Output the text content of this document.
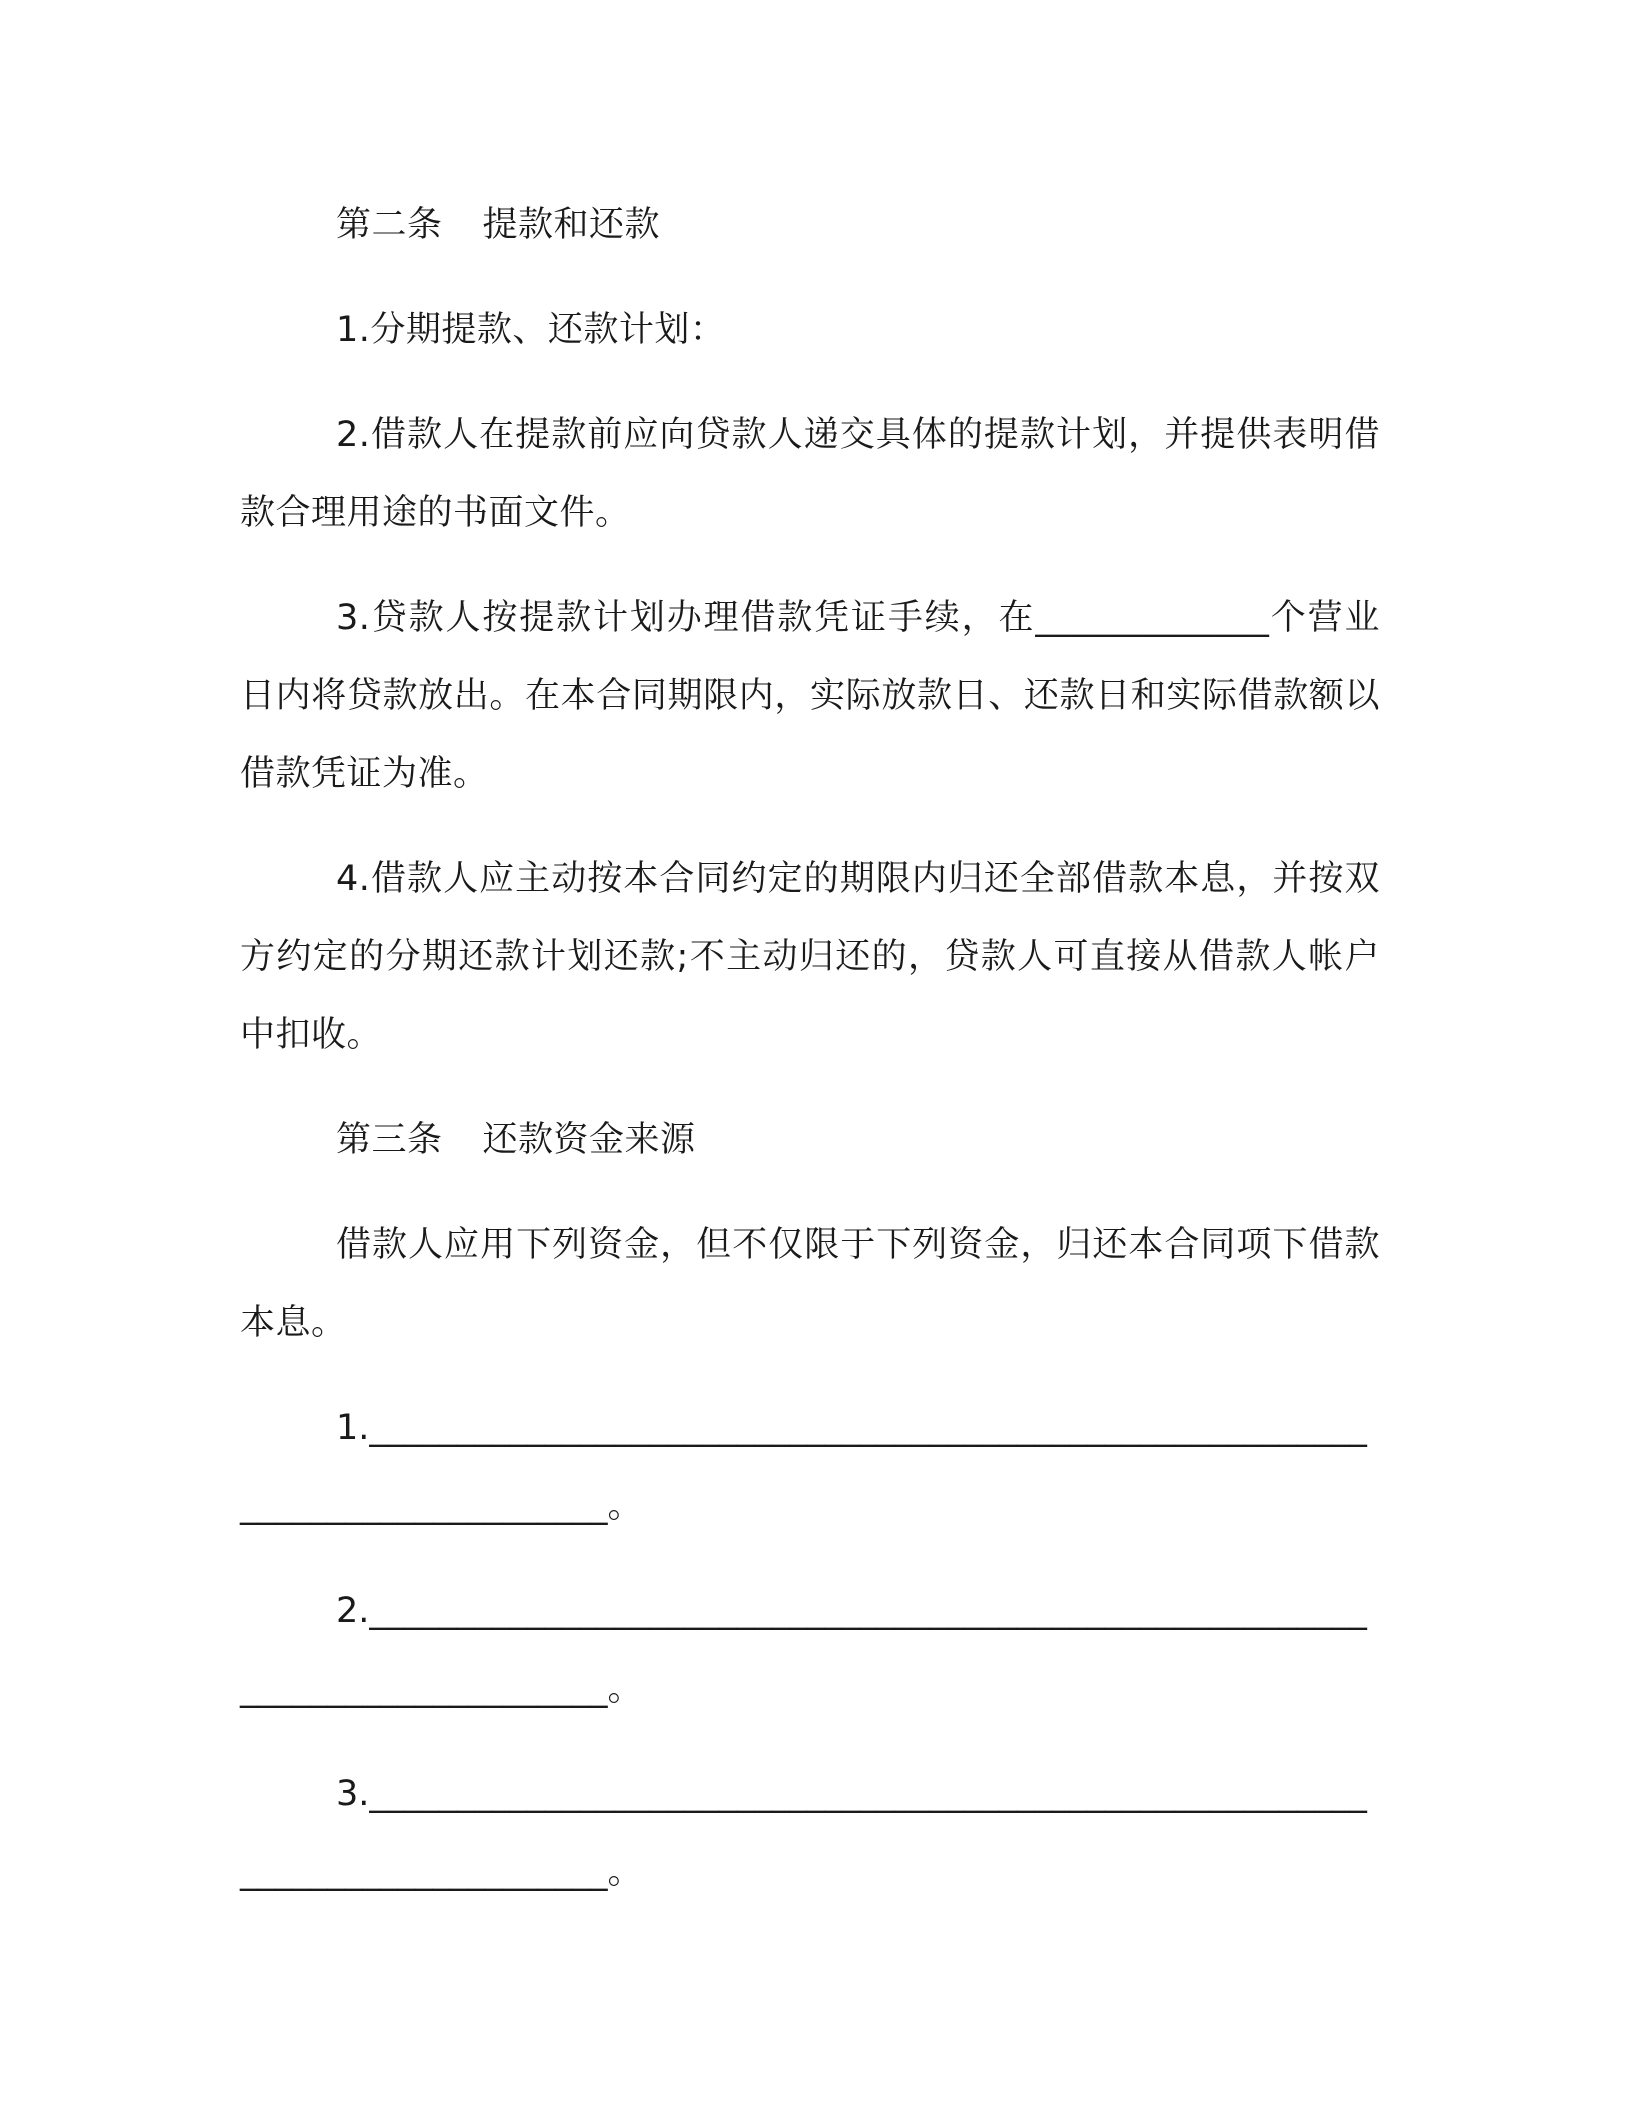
第二条 提款和还款

1.分期提款、还款计划：

2.借款人在提款前应向贷款人递交具体的提款计划，并提供表明借款合理用途的书面文件。

3.贷款人按提款计划办理借款凭证手续，在_____________个营业日内将贷款放出。在本合同期限内，实际放款日、还款日和实际借款额以借款凭证为准。

4.借款人应主动按本合同约定的期限内归还全部借款本息，并按双方约定的分期还款计划还款;不主动归还的，贷款人可直接从借款人帐户中扣收。

第三条 还款资金来源

借款人应用下列资金，但不仅限于下列资金，归还本合同项下借款本息。

1.______________________________________________________________________________。

2.______________________________________________________________________________。

3.______________________________________________________________________________。
